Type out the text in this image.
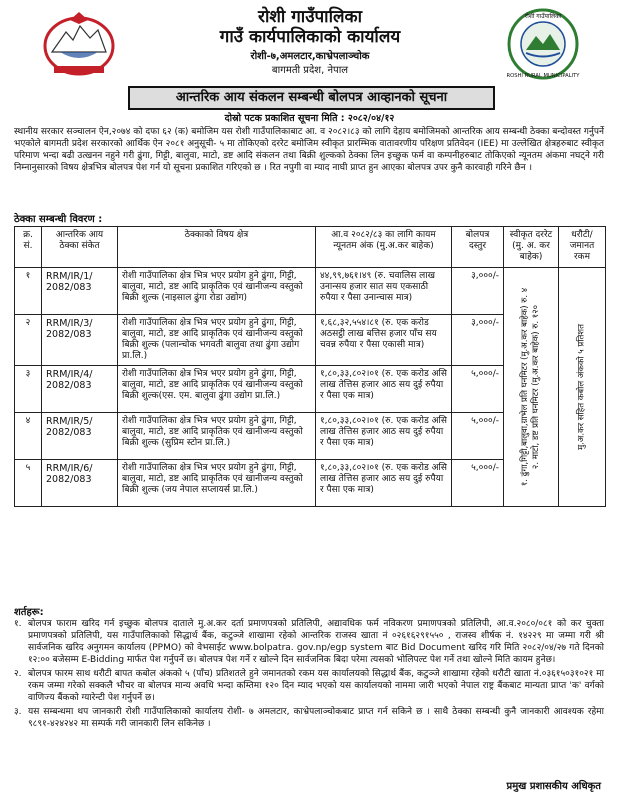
रोशी गाउँपालिका
गाउँ कार्यपालिकाको कार्यालय
रोशी-७,अमलटार,काभ्रेपलाञ्चोक
बागमती प्रदेश, नेपाल
रोशी गाउँपालिका
ROSHI RURAL MUNICIPALITY
आन्तरिक आय संकलन सम्बन्धी बोलपत्र आव्हानको सूचना
दोस्रो पटक प्रकाशित सूचना मिति : २०८२/०४/१२
स्थानीय सरकार सञ्चालन ऐन,२०७४ को दफा ६२ (क) बमोजिम यस रोशी गाउँपालिकाबाट आ. व २०८२।८३ को लागि देहाय बमोजिमको आन्तरिक आय सम्बन्धी ठेक्का बन्दोवस्त गर्नुपर्ने भएकोले बागमती प्रदेश सरकारको आर्थिक ऐन २०८१ अनुसूची- ५ मा तोकिएको दररेट बमोजिम स्वीकृत प्रारम्भिक वातावरणीय परिक्षण प्रतिवेदन (IEE) मा उल्लेखित क्षेत्रहरुबाट स्वीकृत परिमाण भन्दा बढी उत्खनन नहुने गरी ढुंगा, गिट्टी, बालुवा, माटो, डष्ट आदि संकलन तथा बिक्री शुल्कको ठेक्का लिन इच्छुक फर्म वा कम्पनीहरुबाट तोकिएको न्यूनतम अंकमा नघट्ने गरी निम्नानुसारको विषय क्षेत्रभित्र बोलपत्र पेश गर्न यो सूचना प्रकाशित गरिएको छ । रित नपुगी वा म्याद नाघी प्राप्त हुन आएका बोलपत्र उपर कुनै कारवाही गरिने छैन ।
ठेक्का सम्बन्धी विवरण :
क्र. सं.	आन्तरिक आय ठेक्का संकेत	ठेक्काको विषय क्षेत्र	आ.व २०८२/८३ का लागि कायम न्यूनतम अंक (मु.अ.कर बाहेक)	बोलपत्र दस्तुर	स्वीकृत दररेट (मु. अ. कर बाहेक)	धरौटी/ जमानत रकम
१	RRM/IR/1/ 2082/083	रोशी गाउँपालिका क्षेत्र भित्र भएर प्रयोग हुने ढुंगा, गिट्टी, बालुवा, माटो, डष्ट आदि प्राकृतिक एवं खानीजन्य वस्तुको बिक्री शुल्क (नाइसाल ढुंगा रोडा उद्योग)	४४,९९,७६१।४९ (रु. चवालिस लाख उनान्सय हजार सात सय एकसाठी रुपैया र पैसा उनान्चास मात्र)	३,०००/-	१. ढुंगा,गिट्टी,बालुवा,ग्राभेल प्रति घनमिटर (मु.अ.कर बाहेक) रु. ४ २. माटो, डष्ट प्रति घनमिटर (मु.अ.कर बाहेक) रु. १२०	मु.अ.कर सहित कबोल अंकको ५ प्रतिशत

२	RRM/IR/3/ 2082/083	रोशी गाउँपालिका क्षेत्र भित्र भएर प्रयोग हुने ढुंगा, गिट्टी, बालुवा, माटो, डष्ट आदि प्राकृतिक एवं खानीजन्य वस्तुको बिक्री शुल्क (पलान्चोक भगवती बालुवा तथा ढुंगा उद्योग प्रा.लि.)	१,६८,३२,५५४।८१ (रु. एक करोड अठसट्ठी लाख बत्तिस हजार पाँच सय चवन्न रुपैया र पैसा एकासी मात्र)	३,०००/-		
३	RRM/IR/4/ 2082/083	रोशी गाउँपालिका क्षेत्र भित्र भएर प्रयोग हुने ढुंगा, गिट्टी, बालुवा, माटो, डष्ट आदि प्राकृतिक एवं खानीजन्य वस्तुको बिक्री शुल्क(एस. एम. बालुवा ढुंगा उद्योग प्रा.लि.)	१,८०,३३,८०२।०१ (रु. एक करोड असि लाख तेत्तिस हजार आठ सय दुई रुपैया र पैसा एक मात्र)	५,०००/-		
४	RRM/IR/5/ 2082/083	रोशी गाउँपालिका क्षेत्र भित्र भएर प्रयोग हुने ढुंगा, गिट्टी, बालुवा, माटो, डष्ट आदि प्राकृतिक एवं खानीजन्य वस्तुको बिक्री शुल्क (सुप्रिम स्टोन प्रा.लि.)	१,८०,३३,८०२।०१ (रु. एक करोड असि लाख तेत्तिस हजार आठ सय दुई रुपैया र पैसा एक मात्र)	५,०००/-		
५	RRM/IR/6/ 2082/083	रोशी गाउँपालिका क्षेत्र भित्र भएर प्रयोग हुने ढुंगा, गिट्टी, बालुवा, माटो, डष्ट आदि प्राकृतिक एवं खानीजन्य वस्तुको बिक्री शुल्क (जय नेपाल सप्लायर्स प्रा.लि.)	१,८०,३३,८०२।०१ (रु. एक करोड असि लाख तेत्तिस हजार आठ सय दुई रुपैया र पैसा एक मात्र)	५,०००/-		
शर्तहरू:
१. बोलपत्र फाराम खरिद गर्न इच्छुक बोलपत्र दाताले मु.अ.कर दर्ता प्रमाणपत्रको प्रतिलिपी, अद्यावधिक फर्म नविकरण प्रमाणपत्रको प्रतिलिपी, आ.व.२०८०/०८१ को कर चुक्ता प्रमाणपत्रको प्रतिलिपी, यस गाउँपालिकाको सिद्धार्थ बैंक, कटुञ्जे शाखामा रहेको आन्तरिक राजस्व खाता नं ०२६१६२९१५५० , राजस्व शीर्षक नं. १४२२९ मा जम्मा गरी श्री सार्वजनिक खरिद अनुगमन कार्यालय (PPMO) को वेभसाईट www.bolpatra. gov.np/egp system बाट Bid Document खरिद गरि मिति २०८२/०४/२७ गते दिनको १२:०० बजेसम्म E-Bidding मार्फत पेश गर्नुपर्ने छ। बोलपत्र पेश गर्ने र खोल्ने दिन सार्वजनिक बिदा परेमा त्यसको भोलिपल्ट पेश गर्ने तथा खोल्ने मिति कायम हुनेछ।
२. बोलपत्र फारम साथ धरौटी बापत कबोल अंकको ५ (पाँच) प्रतिशतले हुने जमानतको रकम यस कार्यालयको सिद्धार्थ बैंक, कटुञ्जे शाखामा रहेको धरौटी खाता नं.०३६१५०३१०२१ मा रकम जम्मा गरेको सक्कलै भौचर वा बोलपत्र मान्य अवधि भन्दा कम्तिमा १२० दिन म्याद भएको यस कार्यालयको नाममा जारी भएको नेपाल राष्ट्र बैंकबाट मान्यता प्राप्त 'क' वर्गको वाणिज्य बैंकको ग्यारेन्टी पेश गर्नुपर्ने छ।
३. यस सम्बन्धमा थप जानकारी रोशी गाउँपालिकाको कार्यालय रोशी- ७ अमलटार, काभ्रेपलाञ्चोकबाट प्राप्त गर्न सकिने छ । साथै ठेक्का सम्बन्धी कुनै जानकारी आवश्यक रहेमा ९८९१-४२४२४२ मा सम्पर्क गरी जानकारी लिन सकिनेछ ।
प्रमुख प्रशासकीय अधिकृत
